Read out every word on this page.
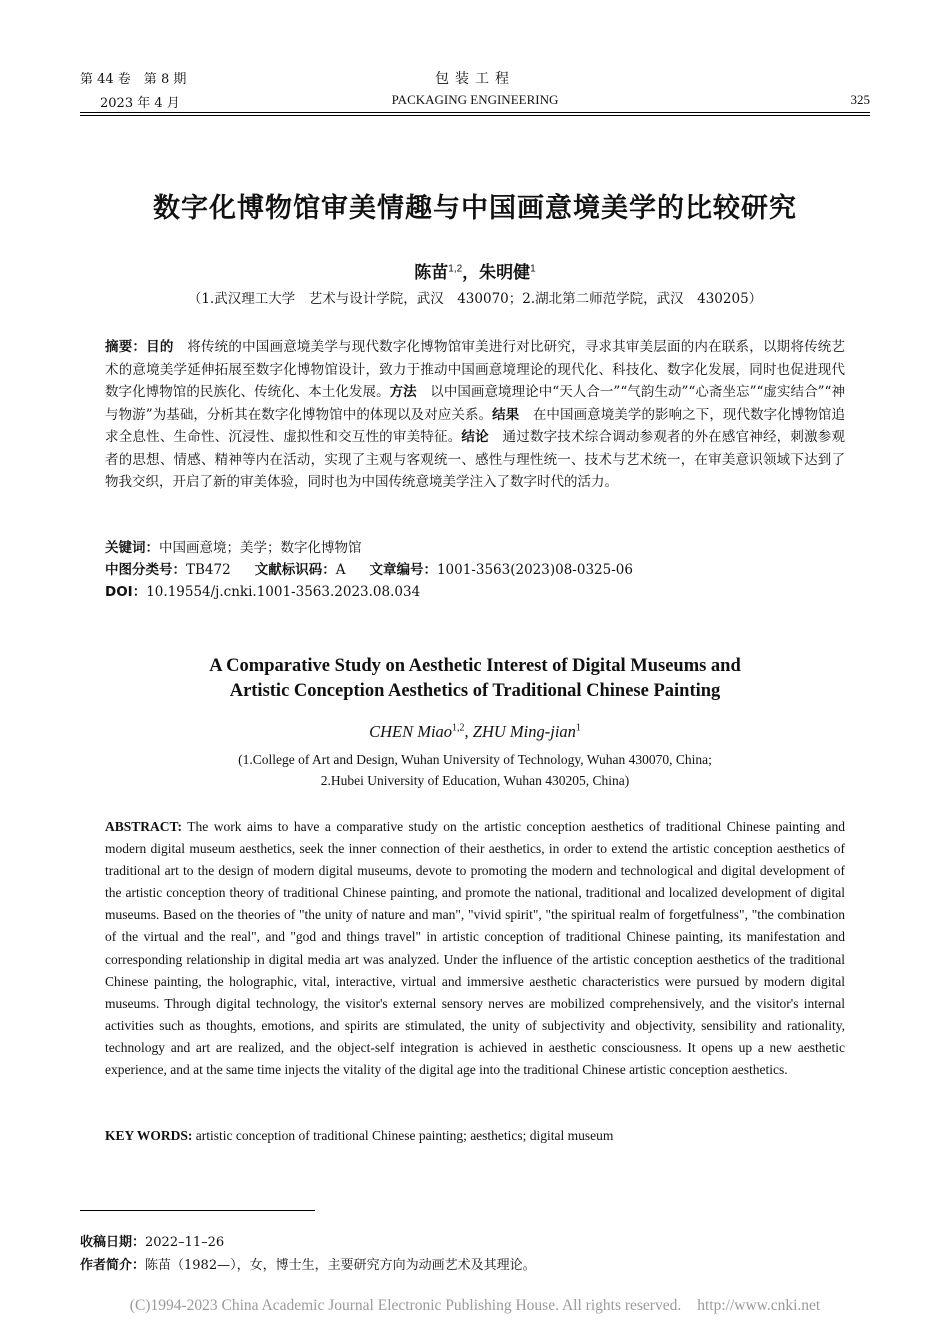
第 44 卷　第 8 期
2023 年 4 月
包装工程
PACKAGING ENGINEERING	325
数字化博物馆审美情趣与中国画意境美学的比较研究
陈苗$^{1,2}$，朱明健$^1$
（1.武汉理工大学　艺术与设计学院，武汉　430070；2.湖北第二师范学院，武汉　430205）
摘要：目的　将传统的中国画意境美学与现代数字化博物馆审美进行对比研究，寻求其审美层面的内在联系，以期将传统艺术的意境美学延伸拓展至数字化博物馆设计，致力于推动中国画意境理论的现代化、科技化、数字化发展，同时也促进现代数字化博物馆的民族化、传统化、本土化发展。方法　以中国画意境理论中“天人合一”“气韵生动”“心斋坐忘”“虚实结合”“神与物游”为基础，分析其在数字化博物馆中的体现以及对应关系。结果　在中国画意境美学的影响之下，现代数字化博物馆追求全息性、生命性、沉浸性、虚拟性和交互性的审美特征。结论　通过数字技术综合调动参观者的外在感官神经，刺激参观者的思想、情感、精神等内在活动，实现了主观与客观统一、感性与理性统一、技术与艺术统一，在审美意识领域下达到了物我交织，开启了新的审美体验，同时也为中国传统意境美学注入了数字时代的活力。
关键词：中国画意境；美学；数字化博物馆
中图分类号：TB472 文献标识码：A 文章编号：1001-3563(2023)08-0325-06
DOI：10.19554/j.cnki.1001-3563.2023.08.034
A Comparative Study on Aesthetic Interest of Digital Museums and
Artistic Conception Aesthetics of Traditional Chinese Painting
CHEN Miao$^{1,2}$, ZHU Ming-jian$^1$
(1.College of Art and Design, Wuhan University of Technology, Wuhan 430070, China;
2.Hubei University of Education, Wuhan 430205, China)
ABSTRACT: The work aims to have a comparative study on the artistic conception aesthetics of traditional Chinese painting and modern digital museum aesthetics, seek the inner connection of their aesthetics, in order to extend the artistic conception aesthetics of traditional art to the design of modern digital museums, devote to promoting the modern and technological and digital development of the artistic conception theory of traditional Chinese painting, and promote the national, traditional and localized development of digital museums. Based on the theories of "the unity of nature and man", "vivid spirit", "the spiritual realm of forgetfulness", "the combination of the virtual and the real", and "god and things travel" in artistic conception of traditional Chinese painting, its manifestation and corresponding relationship in digital media art was analyzed. Under the influence of the artistic conception aesthetics of the traditional Chinese painting, the holographic, vital, interactive, virtual and immersive aesthetic characteristics were pursued by modern digital museums. Through digital technology, the visitor's external sensory nerves are mobilized comprehensively, and the visitor's internal activities such as thoughts, emotions, and spirits are stimulated, the unity of subjectivity and objectivity, sensibility and rationality, technology and art are realized, and the object-self integration is achieved in aesthetic consciousness. It opens up a new aesthetic experience, and at the same time injects the vitality of the digital age into the traditional Chinese artistic conception aesthetics.
KEY WORDS: artistic conception of traditional Chinese painting; aesthetics; digital museum
收稿日期：2022–11–26
作者简介：陈苗（1982—），女，博士生，主要研究方向为动画艺术及其理论。
(C)1994-2023 China Academic Journal Electronic Publishing House. All rights reserved. http://www.cnki.net
